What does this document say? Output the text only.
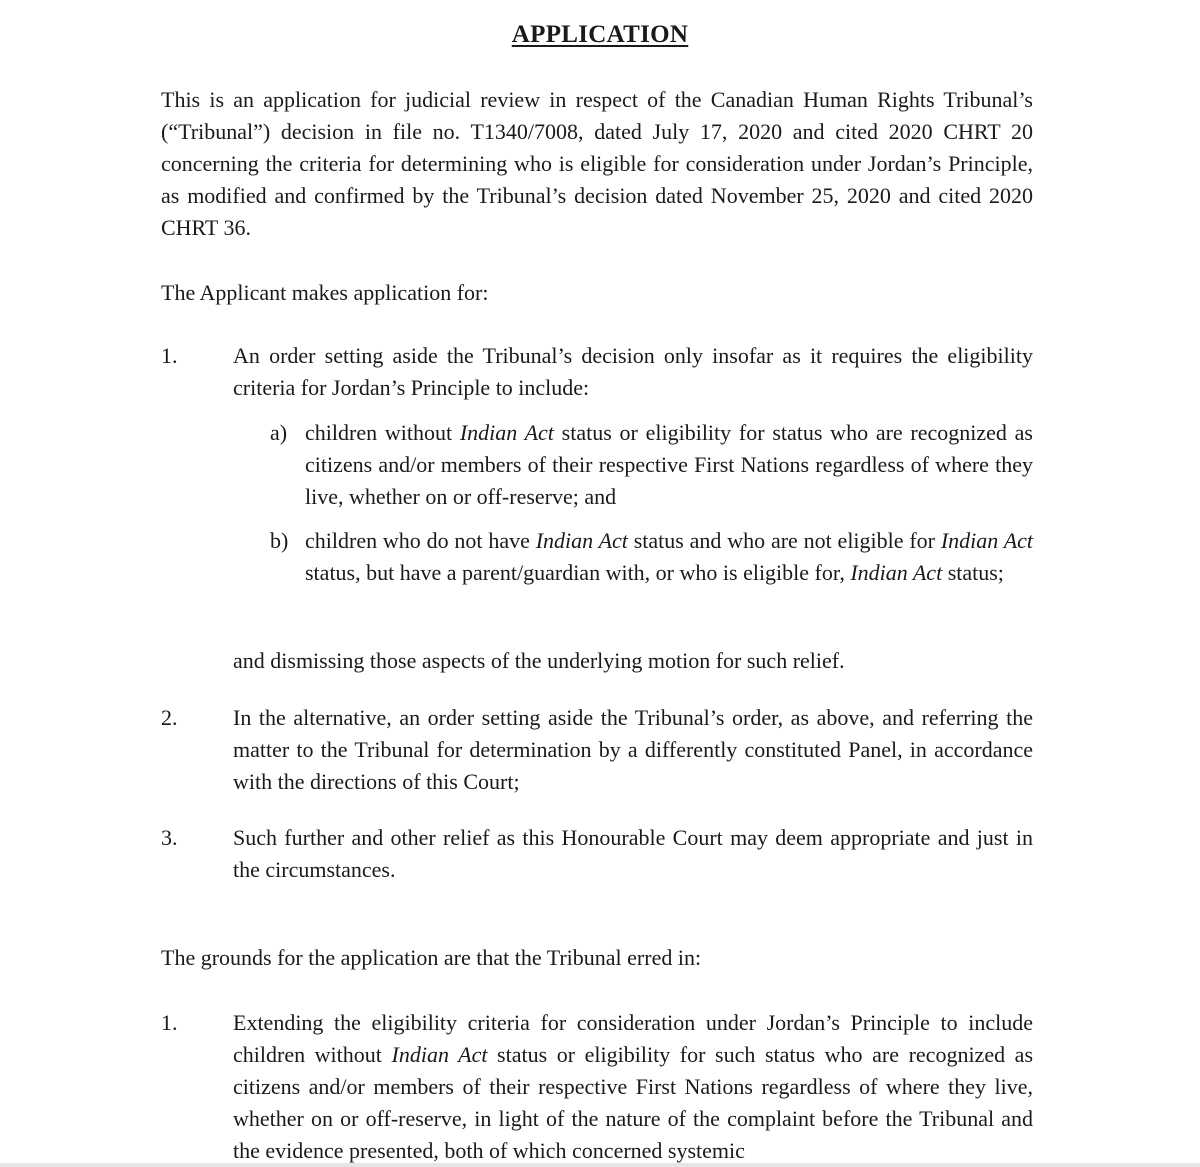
APPLICATION

This is an application for judicial review in respect of the Canadian Human Rights Tribunal’s (“Tribunal”) decision in file no. T1340/7008, dated July 17, 2020 and cited 2020 CHRT 20 concerning the criteria for determining who is eligible for consideration under Jordan’s Principle, as modified and confirmed by the Tribunal’s decision dated November 25, 2020 and cited 2020 CHRT 36.

The Applicant makes application for:

1.	An order setting aside the Tribunal’s decision only insofar as it requires the eligibility criteria for Jordan’s Principle to include:

a) children without Indian Act status or eligibility for status who are recognized as citizens and/or members of their respective First Nations regardless of where they live, whether on or off-reserve; and

b) children who do not have Indian Act status and who are not eligible for Indian Act status, but have a parent/guardian with, or who is eligible for, Indian Act status;

and dismissing those aspects of the underlying motion for such relief.
2.	In the alternative, an order setting aside the Tribunal’s order, as above, and referring the matter to the Tribunal for determination by a differently constituted Panel, in accordance with the directions of this Court;

3.	Such further and other relief as this Honourable Court may deem appropriate and just in the circumstances.

The grounds for the application are that the Tribunal erred in:

1.	Extending the eligibility criteria for consideration under Jordan’s Principle to include children without Indian Act status or eligibility for such status who are recognized as citizens and/or members of their respective First Nations regardless of where they live, whether on or off-reserve, in light of the nature of the complaint before the Tribunal and the evidence presented, both of which concerned systemic
